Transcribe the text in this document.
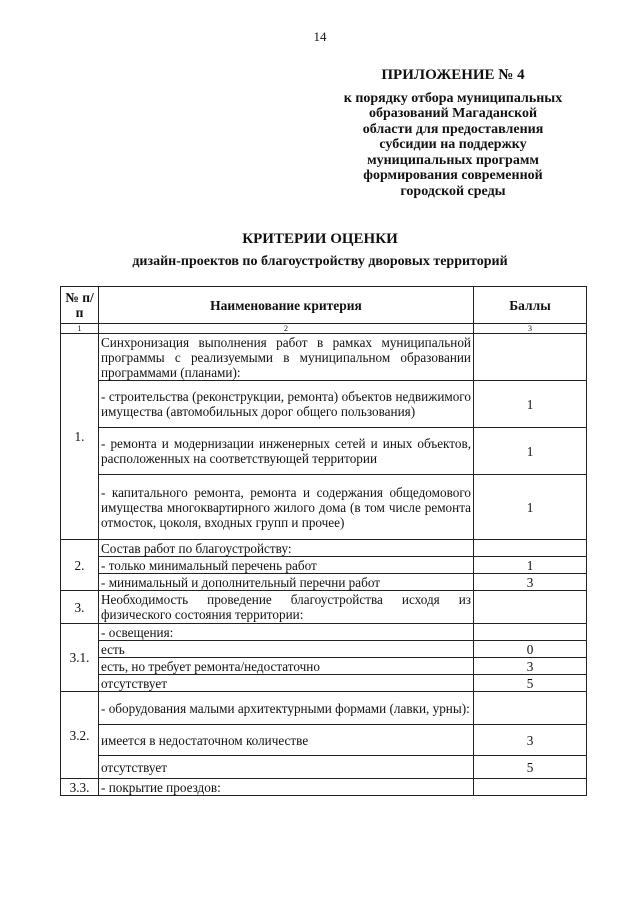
14
ПРИЛОЖЕНИЕ № 4
к порядку отбора муниципальных
образований Магаданской
области для предоставления
субсидии на поддержку
муниципальных программ
формирования современной
городской среды
КРИТЕРИИ ОЦЕНКИ
дизайн-проектов по благоустройству дворовых территорий
№ п/п	Наименование критерия	Баллы
1	2	3
1.	Синхронизация выполнения работ в рамках муниципальной программы с реализуемыми в муниципальном образовании программами (планами):	
	- строительства (реконструкции, ремонта) объектов недвижимого имущества (автомобильных дорог общего пользования)	1
	- ремонта и модернизации инженерных сетей и иных объектов, расположенных на соответствующей территории	1
	- капитального ремонта, ремонта и содержания общедомового имущества многоквартирного жилого дома (в том числе ремонта отмосток, цоколя, входных групп и прочее)	1
2.	Состав работ по благоустройству:	
	- только минимальный перечень работ	1
	- минимальный и дополнительный перечни работ	3
3.	Необходимость проведение благоустройства исходя из физического состояния территории:	
3.1.	- освещения:	
	есть	0
	есть, но требует ремонта/недостаточно	3
	отсутствует	5
3.2.	- оборудования малыми архитектурными формами (лавки, урны):	
	имеется в недостаточном количестве	3
	отсутствует	5
3.3.	- покрытие проездов:	
